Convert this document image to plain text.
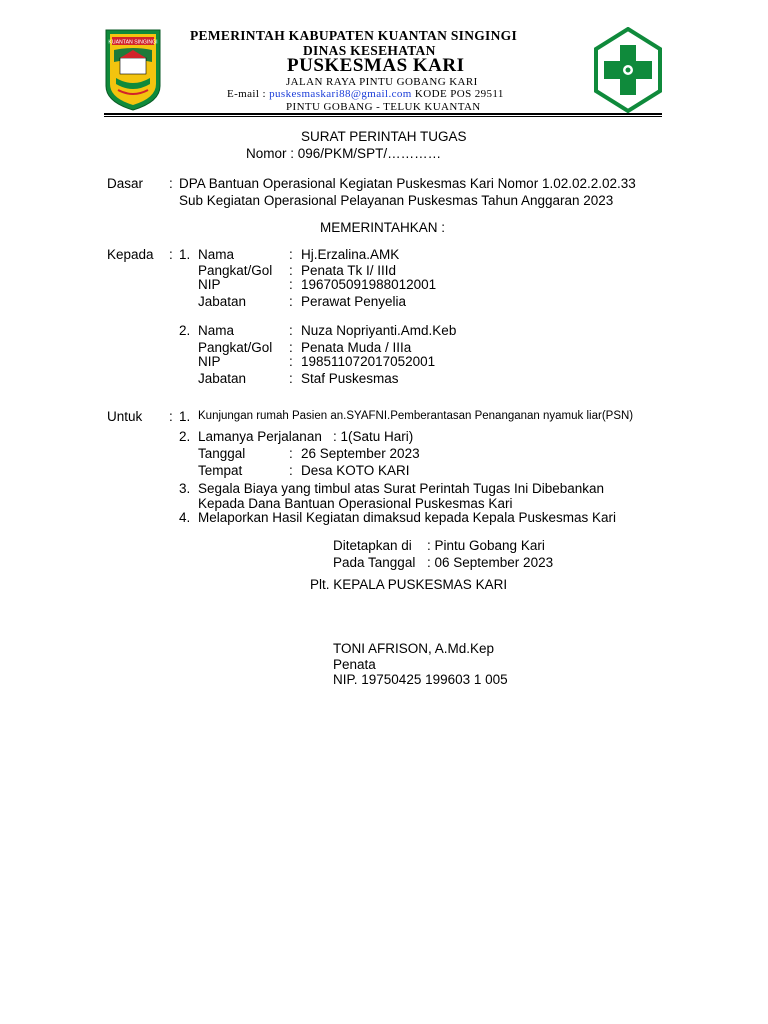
KUANTAN SINGINGI PEMERINTAH KABUPATEN KUANTAN SINGINGI
DINAS KESEHATAN
PUSKESMAS KARI
JALAN RAYA PINTU GOBANG KARI
E-mail : puskesmaskari88@gmail.com KODE POS 29511
PINTU GOBANG - TELUK KUANTAN
SURAT PERINTAH TUGAS
Nomor : 096/PKM/SPT/…………
Dasar : DPA Bantuan Operasional Kegiatan Puskesmas Kari Nomor 1.02.02.2.02.33
Sub Kegiatan Operasional Pelayanan Puskesmas Tahun Anggaran 2023
MEMERINTAHKAN :
Kepada : 1. Nama	: Hj.Erzalina.AMK
Pangkat/Gol : Penata Tk I/ IIId
NIP	: 196705091988012001
Jabatan	: Perawat Penyelia
2. Nama	: Nuza Nopriyanti.Amd.Keb
Pangkat/Gol : Penata Muda / IIIa
NIP	: 198511072017052001
Jabatan	: Staf Puskesmas
Untuk : 1. Kunjungan rumah Pasien an.SYAFNI.Pemberantasan Penanganan nyamuk liar(PSN)
2. Lamanya Perjalanan : 1(Satu Hari)
Tanggal	: 26 September 2023
Tempat	: Desa KOTO KARI
3. Segala Biaya yang timbul atas Surat Perintah Tugas Ini Dibebankan
Kepada Dana Bantuan Operasional Puskesmas Kari
4. Melaporkan Hasil Kegiatan dimaksud kepada Kepala Puskesmas Kari
Ditetapkan di : Pintu Gobang Kari
Pada Tanggal : 06 September 2023
Plt. KEPALA PUSKESMAS KARI
TONI AFRISON, A.Md.Kep
Penata
NIP. 19750425 199603 1 005
